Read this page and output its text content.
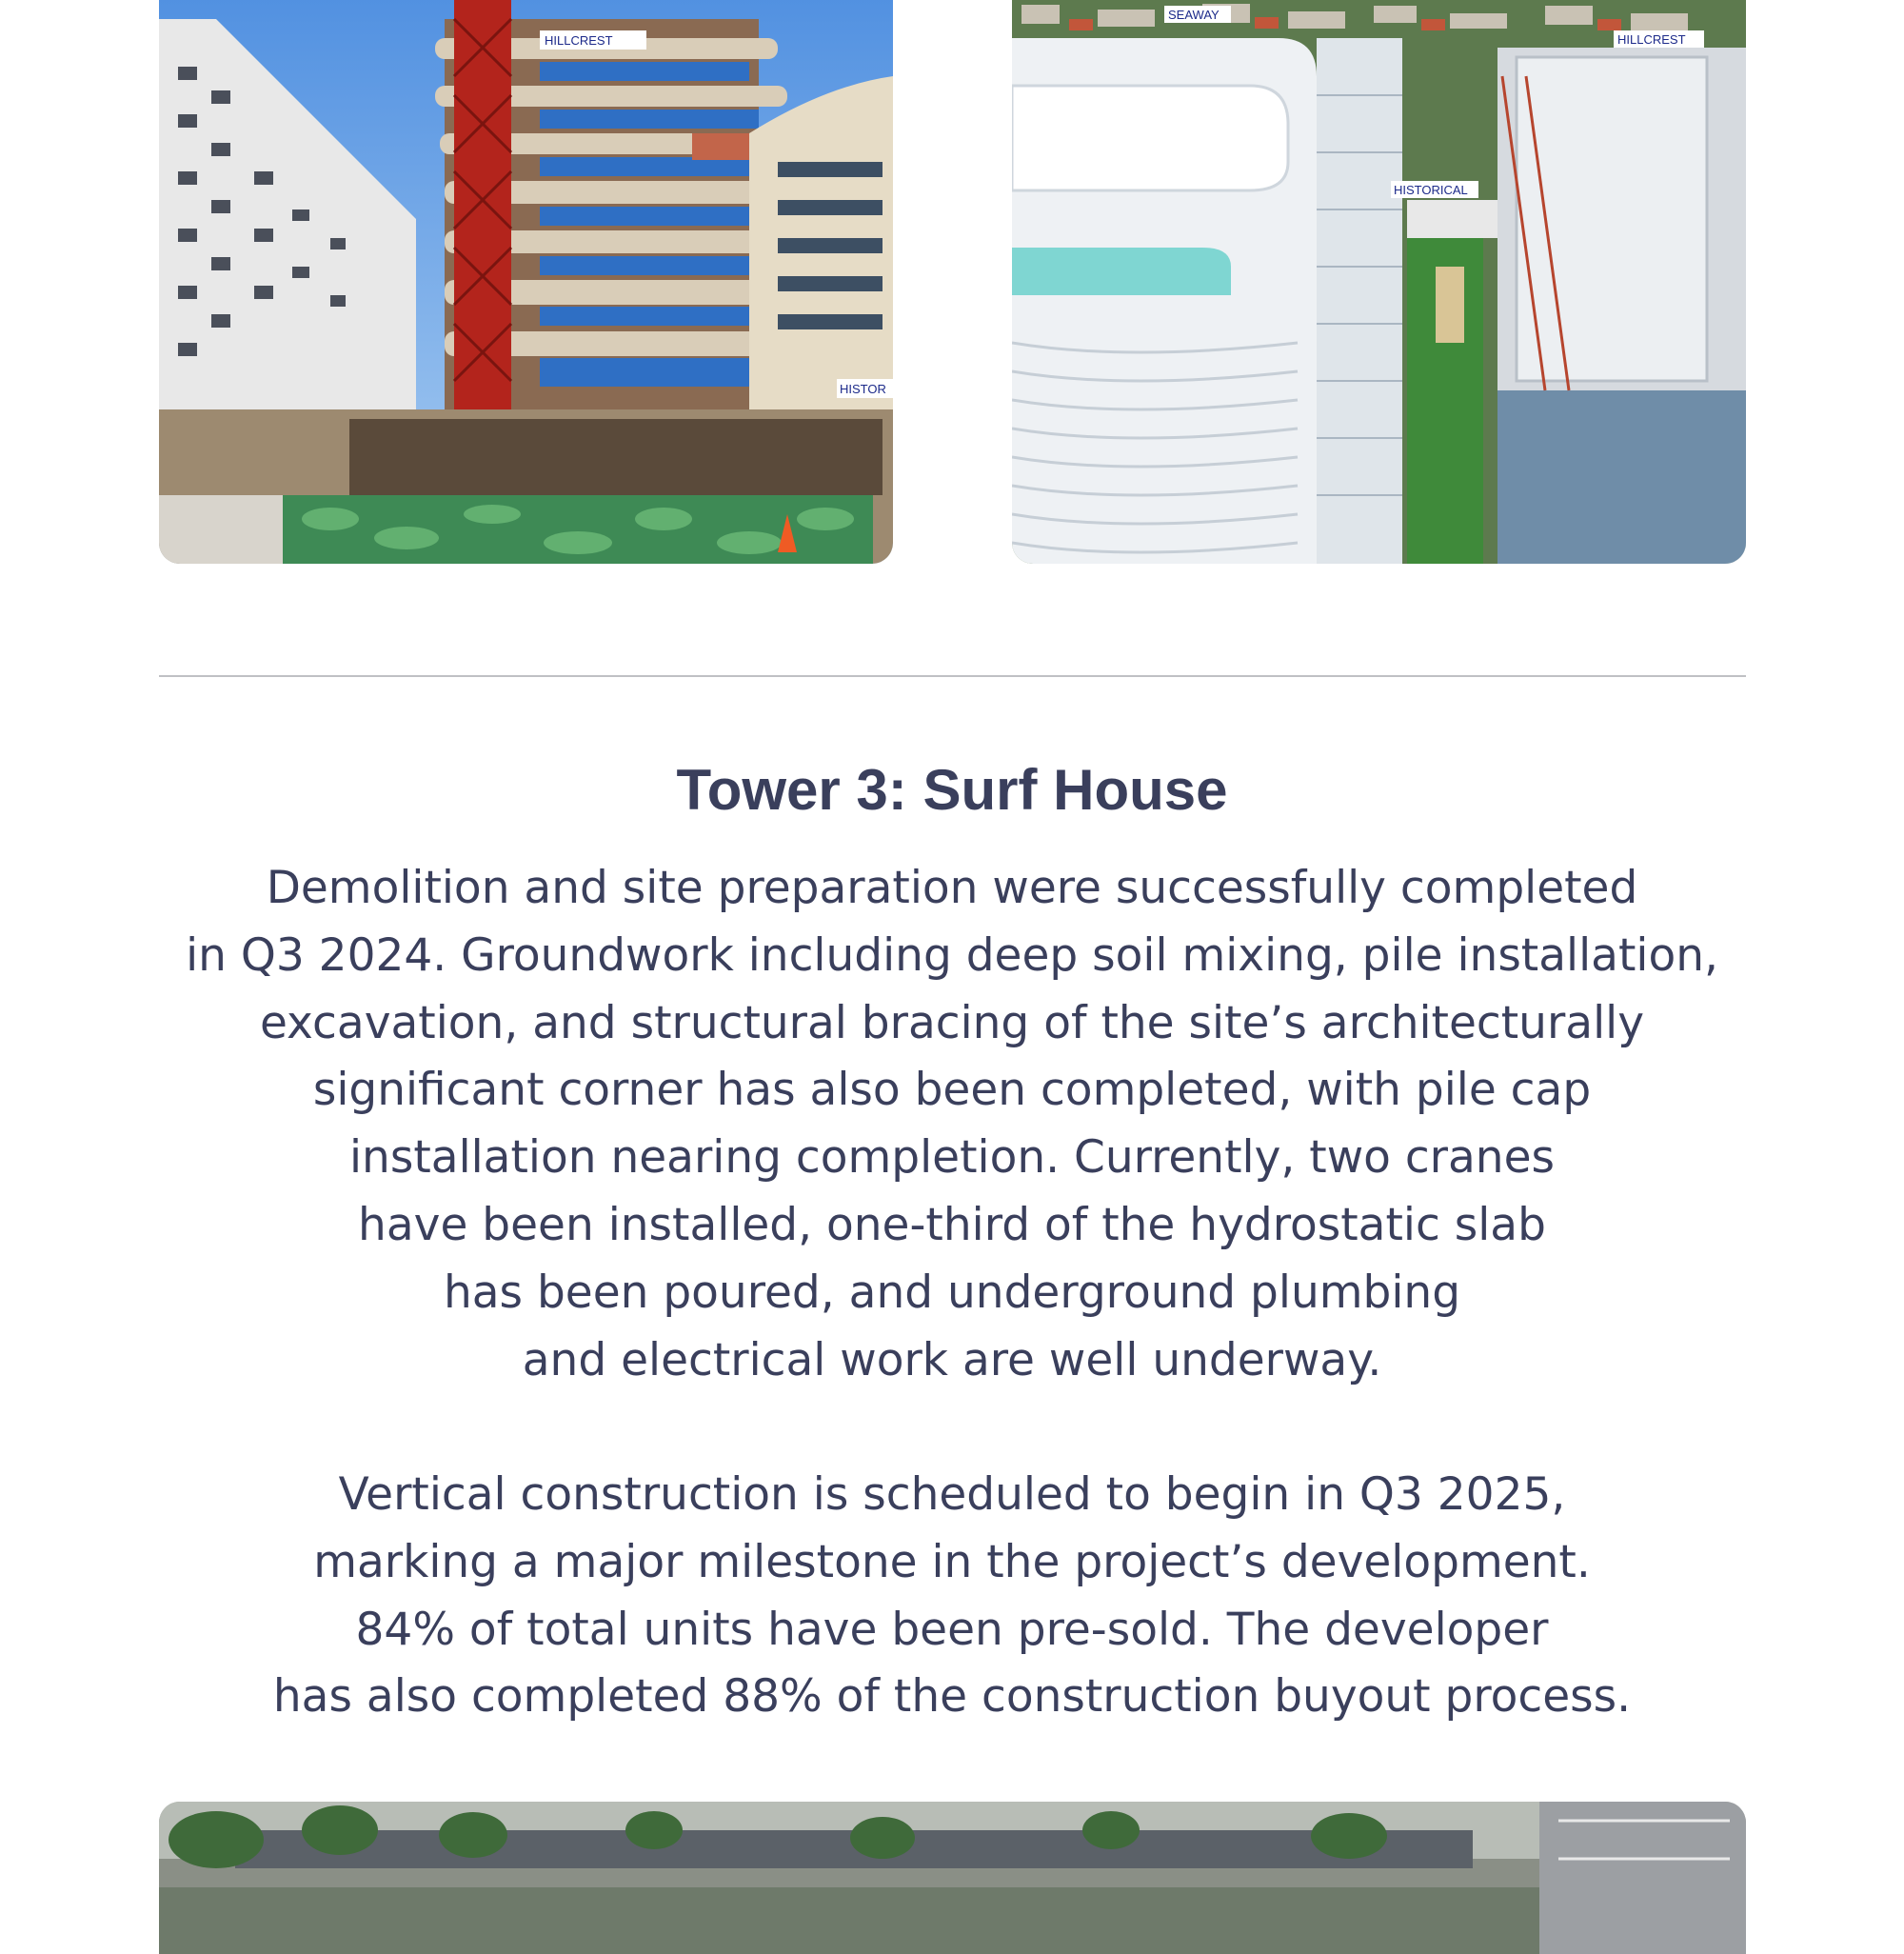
HILLCREST
HISTOR
SEAWAY
HILLCREST
HISTORICAL
Tower 3: Surf House
Demolition and site preparation were successfully completed
in Q3 2024. Groundwork including deep soil mixing, pile installation,
excavation, and structural bracing of the site’s architecturally
significant corner has also been completed, with pile cap
installation nearing completion. Currently, two cranes
have been installed, one-third of the hydrostatic slab
has been poured, and underground plumbing
and electrical work are well underway.
Vertical construction is scheduled to begin in Q3 2025,
marking a major milestone in the project’s development.
84% of total units have been pre-sold. The developer
has also completed 88% of the construction buyout process.
